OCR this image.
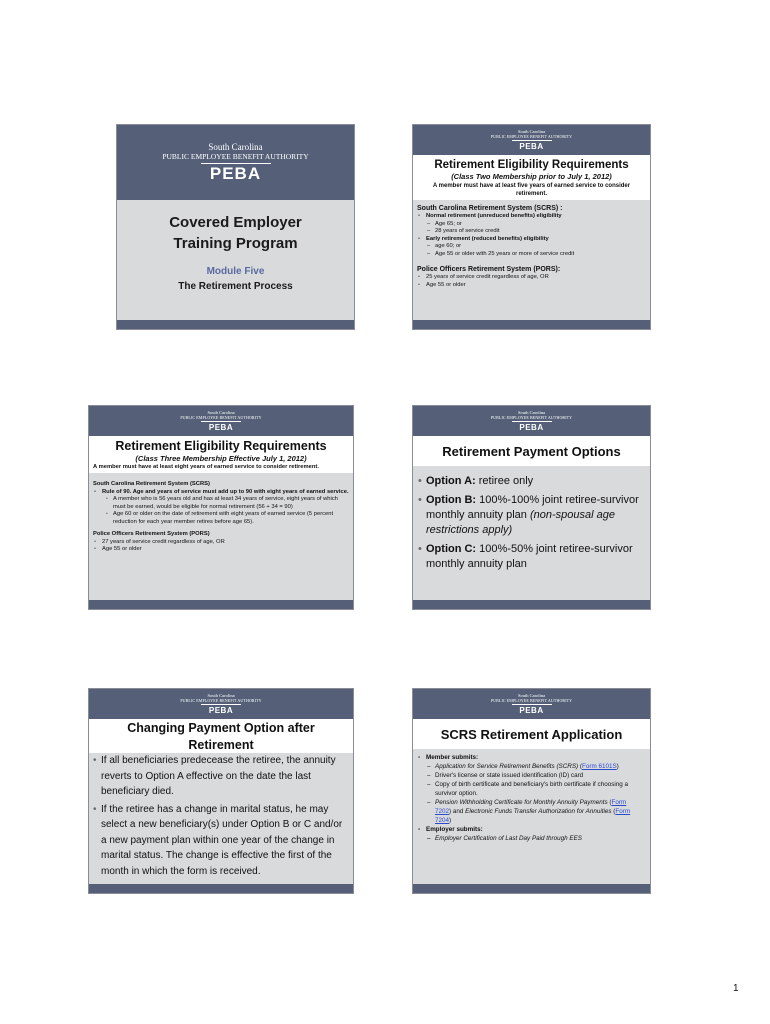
South Carolina
PUBLIC EMPLOYEE BENEFIT AUTHORITY
PEBA
Covered Employer
Training Program
Module Five
The Retirement Process
South Carolina
PUBLIC EMPLOYEE BENEFIT AUTHORITY
PEBA
Retirement Eligibility Requirements
(Class Two Membership prior to July 1, 2012)
A member must have at least five years of earned service to consider retirement.
South Carolina Retirement System (SCRS) :
• Normal retirement (unreduced benefits) eligibility
– Age 65; or
– 28 years of service credit
• Early retirement (reduced benefits) eligibility
– age 60; or
– Age 55 or older with 25 years or more of service credit
Police Officers Retirement System (PORS):
• 25 years of service credit regardless of age, OR
• Age 55 or older
South Carolina
PUBLIC EMPLOYEE BENEFIT AUTHORITY
PEBA
Retirement Eligibility Requirements
(Class Three Membership Effective July 1, 2012)
A member must have at least eight years of earned service to consider retirement.
South Carolina Retirement System (SCRS)
• Rule of 90. Age and years of service must add up to 90 with eight years of earned service.
• A member who is 56 years old and has at least 34 years of service, eight years of which must be earned, would be eligible for normal retirement (56 + 34 = 90)
• Age 60 or older on the date of retirement with eight years of earned service (5 percent reduction for each year member retires before age 65).
Police Officers Retirement System (PORS)
• 27 years of service credit regardless of age, OR
• Age 55 or older
South Carolina
PUBLIC EMPLOYEE BENEFIT AUTHORITY
PEBA
Retirement Payment Options
• Option A: retiree only
• Option B: 100%-100% joint retiree-survivor monthly annuity plan (non-spousal age restrictions apply)
• Option C: 100%-50% joint retiree-survivor monthly annuity plan
South Carolina
PUBLIC EMPLOYEE BENEFIT AUTHORITY
PEBA
Changing Payment Option after
Retirement
• If all beneficiaries predecease the retiree, the annuity reverts to Option A effective on the date the last beneficiary died.
• If the retiree has a change in marital status, he may select a new beneficiary(s) under Option B or C and/or a new payment plan within one year of the change in marital status. The change is effective the first of the month in which the form is received.
South Carolina
PUBLIC EMPLOYEE BENEFIT AUTHORITY
PEBA
SCRS Retirement Application
• Member submits:
– Application for Service Retirement Benefits (SCRS) (Form 6101S)
– Driver's license or state issued identification (ID) card
– Copy of birth certificate and beneficiary's birth certificate if choosing a survivor option.
– Pension Withholding Certificate for Monthly Annuity Payments (Form 7202) and Electronic Funds Transfer Authorization for Annuities (Form 7204)
• Employer submits:
– Employer Certification of Last Day Paid through EES
1
